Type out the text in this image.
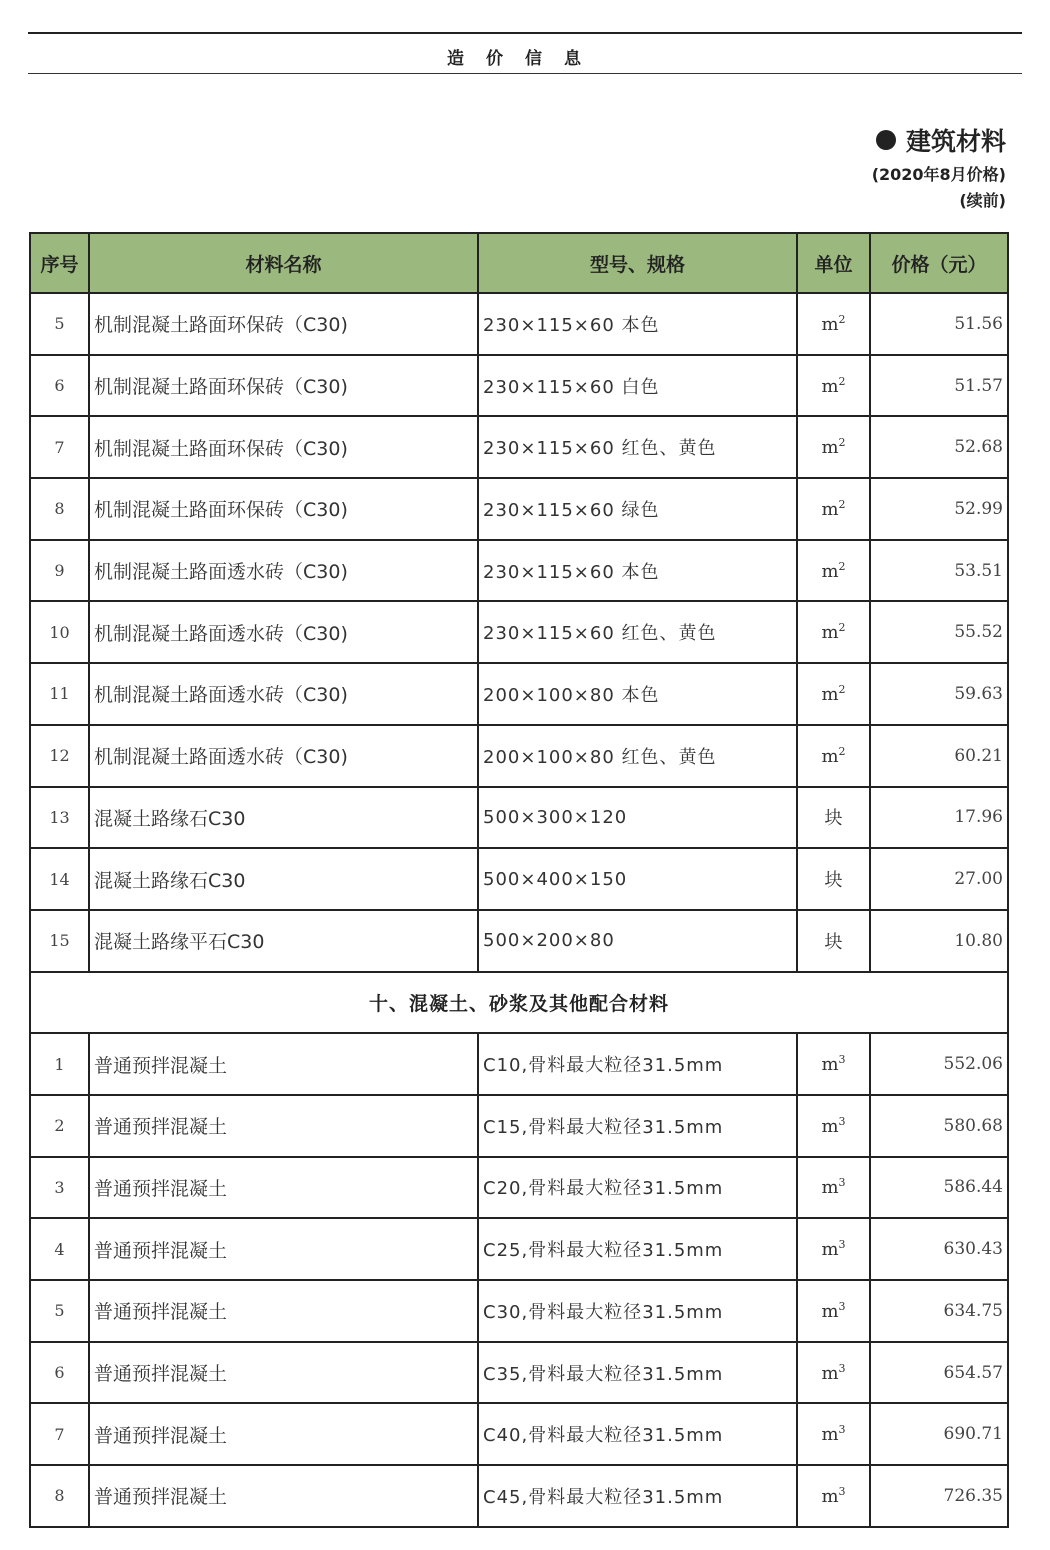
造价信息
建筑材料
(2020年8月价格)
(续前)
序号	材料名称	型号、规格	单位	价格（元）
5	机制混凝土路面环保砖（C30)	230×115×60 本色	$m^2$	51.56
6	机制混凝土路面环保砖（C30)	230×115×60 白色	$m^2$	51.57
7	机制混凝土路面环保砖（C30)	230×115×60 红色、黄色	$m^2$	52.68
8	机制混凝土路面环保砖（C30)	230×115×60 绿色	$m^2$	52.99
9	机制混凝土路面透水砖（C30)	230×115×60 本色	$m^2$	53.51
10	机制混凝土路面透水砖（C30)	230×115×60 红色、黄色	$m^2$	55.52
11	机制混凝土路面透水砖（C30)	200×100×80 本色	$m^2$	59.63
12	机制混凝土路面透水砖（C30)	200×100×80 红色、黄色	$m^2$	60.21
13	混凝土路缘石C30	500×300×120	块	17.96
14	混凝土路缘石C30	500×400×150	块	27.00
15	混凝土路缘平石C30	500×200×80	块	10.80
十、混凝土、砂浆及其他配合材料				
1	普通预拌混凝土	C10,骨料最大粒径31.5mm	$m^3$	552.06
2	普通预拌混凝土	C15,骨料最大粒径31.5mm	$m^3$	580.68
3	普通预拌混凝土	C20,骨料最大粒径31.5mm	$m^3$	586.44
4	普通预拌混凝土	C25,骨料最大粒径31.5mm	$m^3$	630.43
5	普通预拌混凝土	C30,骨料最大粒径31.5mm	$m^3$	634.75
6	普通预拌混凝土	C35,骨料最大粒径31.5mm	$m^3$	654.57
7	普通预拌混凝土	C40,骨料最大粒径31.5mm	$m^3$	690.71
8	普通预拌混凝土	C45,骨料最大粒径31.5mm	$m^3$	726.35
